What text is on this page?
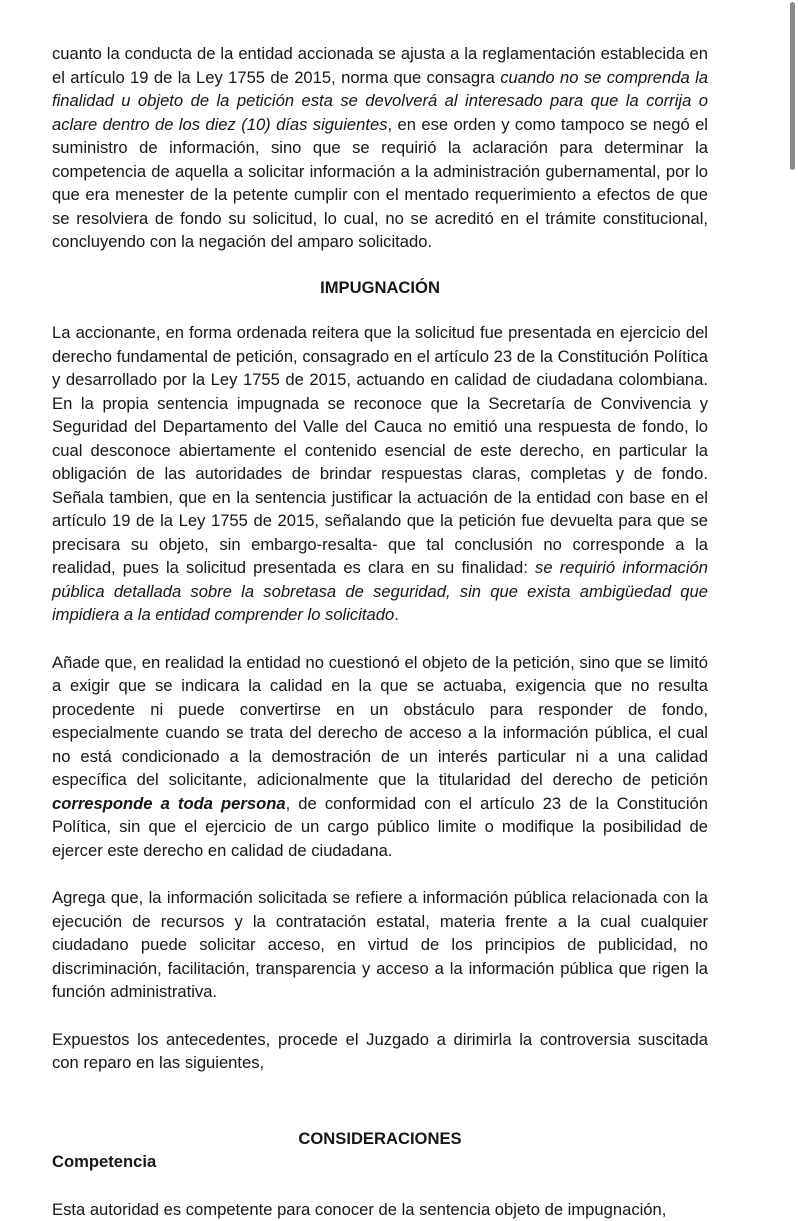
cuanto la conducta de la entidad accionada se ajusta a la reglamentación establecida en el artículo 19 de la Ley 1755 de 2015, norma que consagra cuando no se comprenda la finalidad u objeto de la petición esta se devolverá al interesado para que la corrija o aclare dentro de los diez (10) días siguientes, en ese orden y como tampoco se negó el suministro de información, sino que se requirió la aclaración para determinar la competencia de aquella a solicitar información a la administración gubernamental, por lo que era menester de la petente cumplir con el mentado requerimiento a efectos de que se resolviera de fondo su solicitud, lo cual, no se acreditó en el trámite constitucional, concluyendo con la negación del amparo solicitado.

IMPUGNACIÓN

La accionante, en forma ordenada reitera que la solicitud fue presentada en ejercicio del derecho fundamental de petición, consagrado en el artículo 23 de la Constitución Política y desarrollado por la Ley 1755 de 2015, actuando en calidad de ciudadana colombiana. En la propia sentencia impugnada se reconoce que la Secretaría de Convivencia y Seguridad del Departamento del Valle del Cauca no emitió una respuesta de fondo, lo cual desconoce abiertamente el contenido esencial de este derecho, en particular la obligación de las autoridades de brindar respuestas claras, completas y de fondo. Señala tambien, que en la sentencia justificar la actuación de la entidad con base en el artículo 19 de la Ley 1755 de 2015, señalando que la petición fue devuelta para que se precisara su objeto, sin embargo-resalta- que tal conclusión no corresponde a la realidad, pues la solicitud presentada es clara en su finalidad: se requirió información pública detallada sobre la sobretasa de seguridad, sin que exista ambigüedad que impidiera a la entidad comprender lo solicitado.

Añade que, en realidad la entidad no cuestionó el objeto de la petición, sino que se limitó a exigir que se indicara la calidad en la que se actuaba, exigencia que no resulta procedente ni puede convertirse en un obstáculo para responder de fondo, especialmente cuando se trata del derecho de acceso a la información pública, el cual no está condicionado a la demostración de un interés particular ni a una calidad específica del solicitante, adicionalmente que la titularidad del derecho de petición corresponde a toda persona, de conformidad con el artículo 23 de la Constitución Política, sin que el ejercicio de un cargo público limite o modifique la posibilidad de ejercer este derecho en calidad de ciudadana.

Agrega que, la información solicitada se refiere a información pública relacionada con la ejecución de recursos y la contratación estatal, materia frente a la cual cualquier ciudadano puede solicitar acceso, en virtud de los principios de publicidad, no discriminación, facilitación, transparencia y acceso a la información pública que rigen la función administrativa.

Expuestos los antecedentes, procede el Juzgado a dirimirla la controversia suscitada con reparo en las siguientes,

CONSIDERACIONES
Competencia

Esta autoridad es competente para conocer de la sentencia objeto de impugnación,
